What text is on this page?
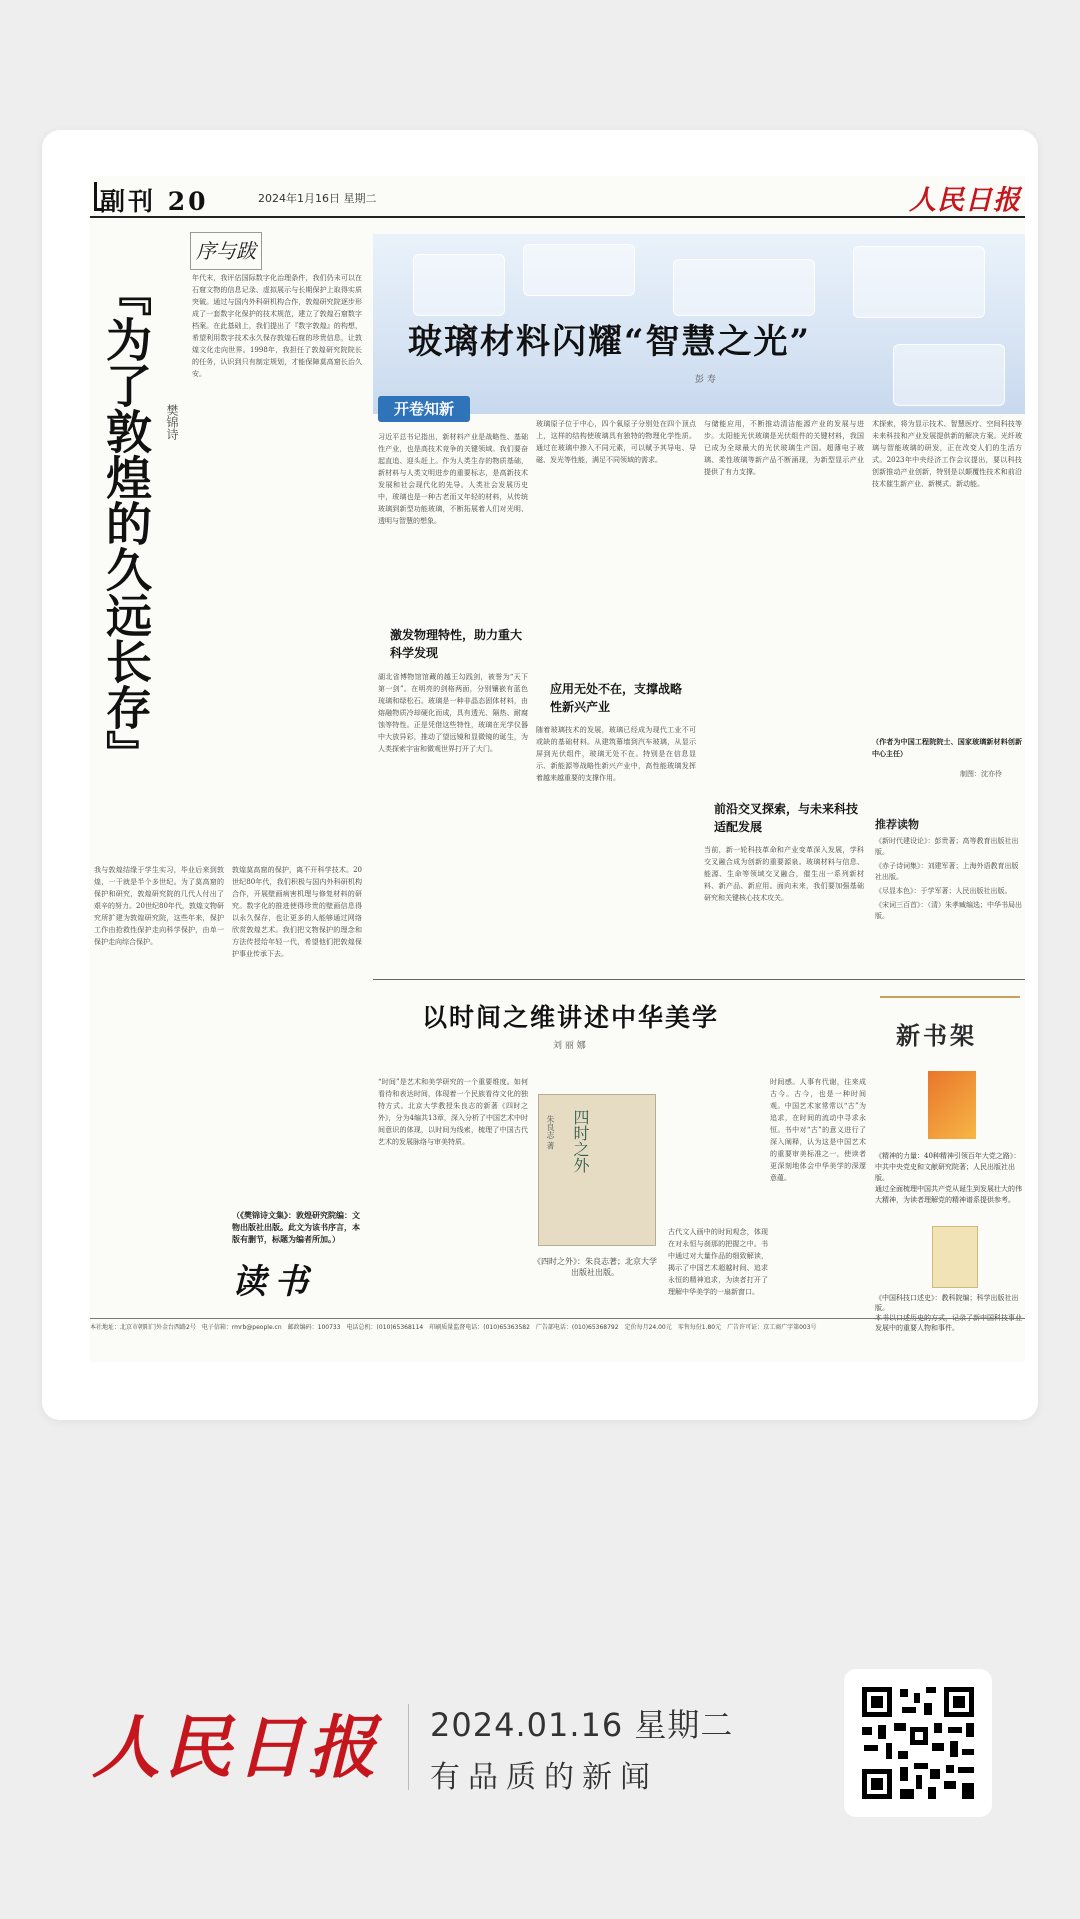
副刊 20	2024年1月16日 星期二	人民日报
序与跋
『为了敦煌的久远长存』 樊锦诗
年代末，我评估国际数字化治理条件，我们仍未可以在石窟文物的信息记录、虚拟展示与长期保护上取得实质突破。通过与国内外科研机构合作，敦煌研究院逐步形成了一套数字化保护的技术规范，建立了敦煌石窟数字档案。在此基础上，我们提出了『数字敦煌』的构想，希望利用数字技术永久保存敦煌石窟的珍贵信息，让敦煌文化走向世界。1998年，我担任了敦煌研究院院长的任务，认识到只有制定规划，才能保障莫高窟长治久安。
我与敦煌结缘于学生实习，毕业后来到敦煌，一干就是半个多世纪。为了莫高窟的保护和研究，敦煌研究院的几代人付出了艰辛的努力。20世纪80年代，敦煌文物研究所扩建为敦煌研究院，这些年来，保护工作由抢救性保护走向科学保护，由单一保护走向综合保护。
敦煌莫高窟的保护，离不开科学技术。20世纪80年代，我们积极与国内外科研机构合作，开展壁画病害机理与修复材料的研究。数字化的推进使得珍贵的壁画信息得以永久保存，也让更多的人能够通过网络欣赏敦煌艺术。我们把文物保护的理念和方法传授给年轻一代，希望他们把敦煌保护事业传承下去。
（《樊锦诗文集》：敦煌研究院编：文物出版社出版。此文为该书序言，本版有删节，标题为编者所加。）
读书
玻璃材料闪耀“智慧之光”
彭 寿
开卷知新
习近平总书记指出，新材料产业是战略性、基础性产业，也是高技术竞争的关键领域。我们要奋起直追、迎头赶上。作为人类生存的物质基础，新材料与人类文明进步的重要标志，是高新技术发展和社会现代化的先导。人类社会发展历史中，玻璃也是一种古老而又年轻的材料，从传统玻璃到新型功能玻璃，不断拓展着人们对光明、透明与智慧的想象。
激发物理特性，助力重大科学发现
湖北省博物馆馆藏的越王勾践剑，被誉为“天下第一剑”。在明亮的剑格两面，分别镶嵌有蓝色琉璃和绿松石。玻璃是一种非晶态固体材料，由熔融物质冷却硬化而成，具有透光、隔热、耐腐蚀等特性。正是凭借这些特性，玻璃在光学仪器中大放异彩，推动了望远镜和显微镜的诞生，为人类探索宇宙和微观世界打开了大门。
玻璃原子位于中心，四个氧原子分别处在四个顶点上，这样的结构使玻璃具有独特的物理化学性质。通过在玻璃中掺入不同元素，可以赋予其导电、导磁、发光等性能，满足不同领域的需求。
应用无处不在，支撑战略性新兴产业
随着玻璃技术的发展，玻璃已经成为现代工业不可或缺的基础材料。从建筑幕墙到汽车玻璃，从显示屏到光伏组件，玻璃无处不在。特别是在信息显示、新能源等战略性新兴产业中，高性能玻璃发挥着越来越重要的支撑作用。
与储能应用，不断推动清洁能源产业的发展与进步。太阳能光伏玻璃是光伏组件的关键材料，我国已成为全球最大的光伏玻璃生产国。超薄电子玻璃、柔性玻璃等新产品不断涌现，为新型显示产业提供了有力支撑。
前沿交叉探索，与未来科技适配发展
当前，新一轮科技革命和产业变革深入发展，学科交叉融合成为创新的重要源泉。玻璃材料与信息、能源、生命等领域交叉融合，催生出一系列新材料、新产品、新应用。面向未来，我们要加强基础研究和关键核心技术攻关。
术探索，将为显示技术、智慧医疗、空间科技等未来科技和产业发展提供新的解决方案。光纤玻璃与智能玻璃的研发，正在改变人们的生活方式。2023年中央经济工作会议提出，要以科技创新推动产业创新，特别是以颠覆性技术和前沿技术催生新产业、新模式、新动能。
（作者为中国工程院院士、国家玻璃新材料创新中心主任）
制图：沈亦伶
推荐读物
《新时代建设论》：彭贵著；高等教育出版社出版。
《赤子诗词集》：刘建军著；上海外语教育出版社出版。
《尽显本色》：于学军著；人民出版社出版。
《宋词三百首》：（清）朱孝臧编选；中华书局出版。
以时间之维讲述中华美学
刘 丽 娜
“时间”是艺术和美学研究的一个重要维度。如何看待和表达时间，体现着一个民族看待文化的独特方式。北京大学教授朱良志的新著《四时之外》，分为4编共13章，深入分析了中国艺术中时间意识的体现，以时间为线索，梳理了中国古代艺术的发展脉络与审美特质。	四时之外
朱良志 著
《四时之外》：朱良志著；北京大学出版社出版。
古代文人画中的时间观念，体现在对永恒与刹那的把握之中。书中通过对大量作品的细致解读，揭示了中国艺术超越时间、追求永恒的精神追求，为读者打开了理解中华美学的一扇新窗口。
时间感。人事有代谢，往来成古今。古今，也是一种时间观。中国艺术家常常以“古”为追求，在时间的流动中寻求永恒。书中对“古”的意义进行了深入阐释，认为这是中国艺术的重要审美标准之一，使读者更深刻地体会中华美学的深邃意蕴。
新书架
《精神的力量：40种精神引领百年大党之路》：中共中央党史和文献研究院著；人民出版社出版。
通过全面梳理中国共产党从诞生到发展壮大的伟大精神，为读者理解党的精神谱系提供参考。
《中国科技口述史》：教科院编；科学出版社出版。
本书以口述历史的方式，记录了新中国科技事业发展中的重要人物和事件。
本社地址：北京市朝阳门外金台西路2号　电子信箱：rmrb@people.cn　邮政编码：100733　电话总机：(010)65368114　印刷质量监督电话：(010)65363582　广告部电话：(010)65368792　定价每月24.00元　零售每份1.80元　广告许可证：京工商广字第003号
人民日报 2024.01.16 星期二
有品质的新闻
